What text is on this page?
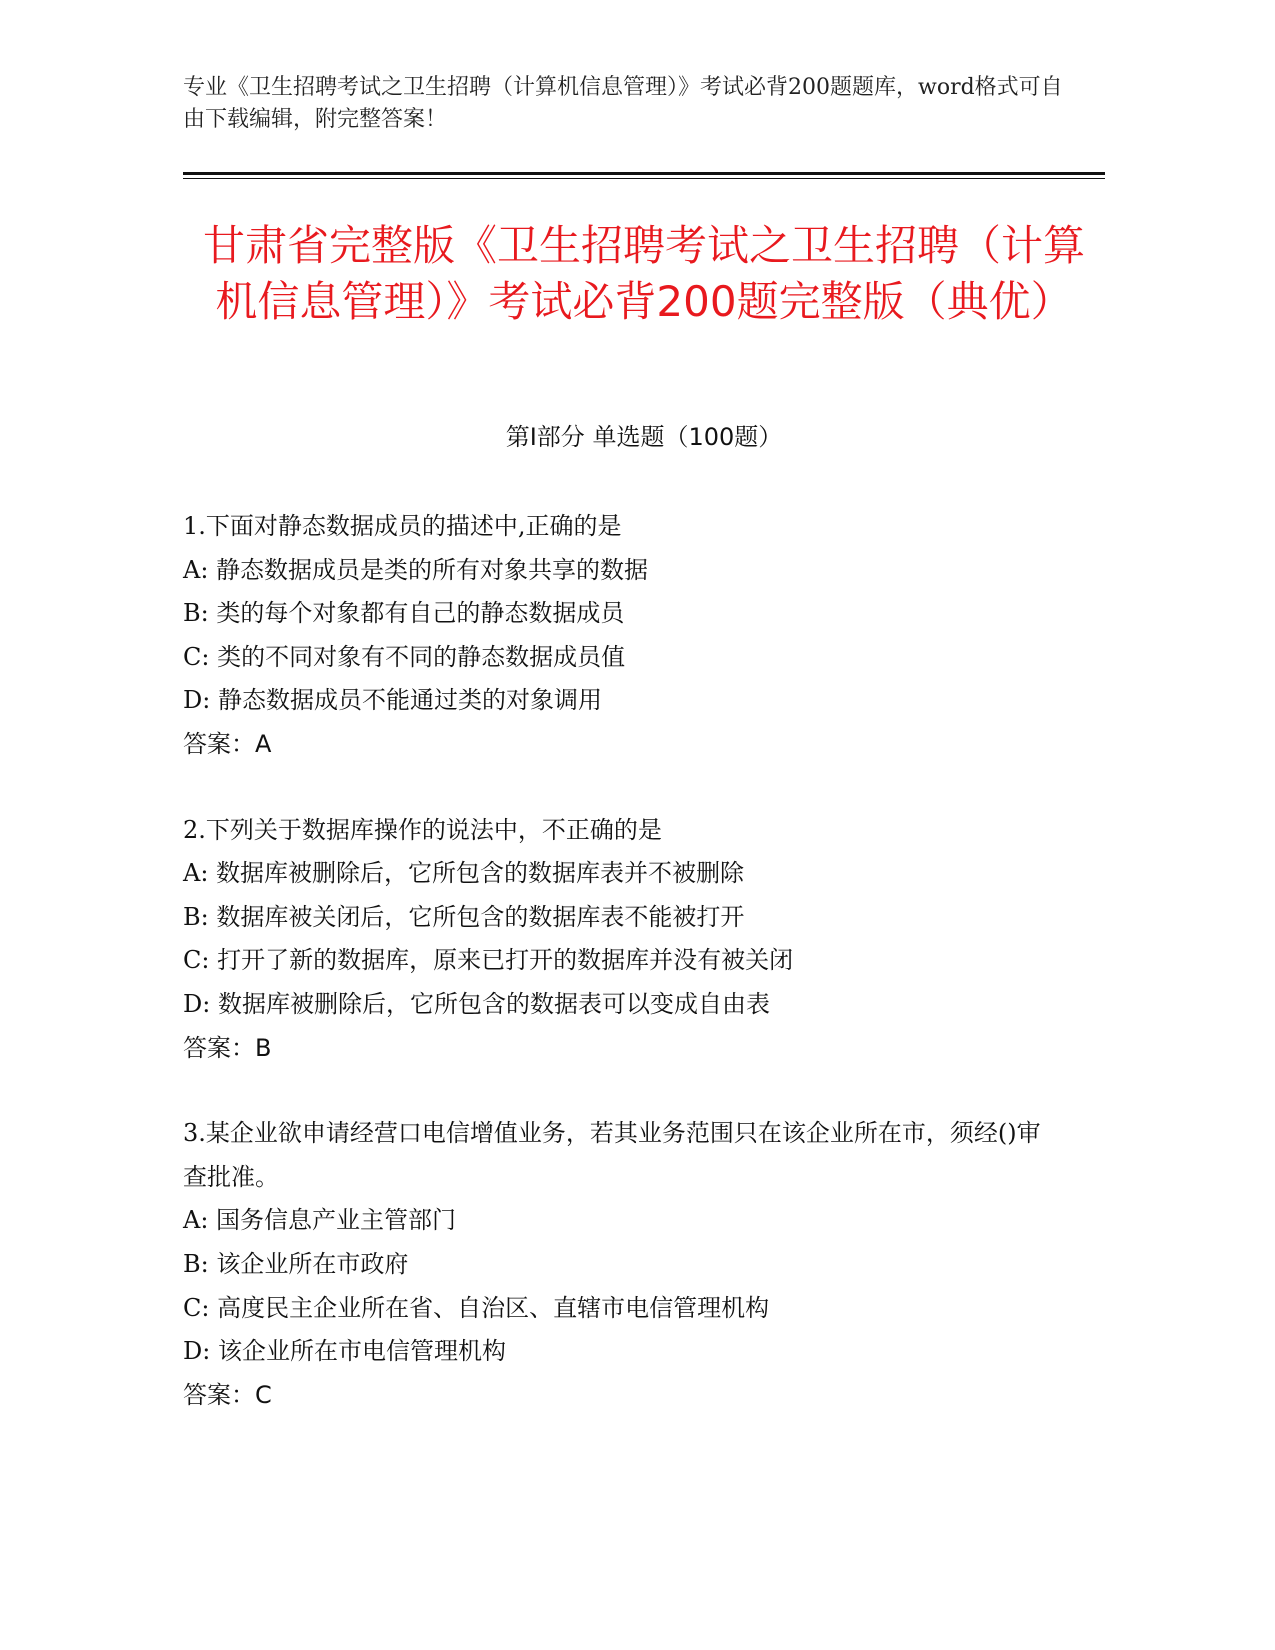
专业《卫生招聘考试之卫生招聘（计算机信息管理）》考试必背200题题库，word格式可自由下载编辑，附完整答案！
甘肃省完整版《卫生招聘考试之卫生招聘（计算机信息管理）》考试必背200题完整版（典优）
第Ⅰ部分 单选题（100题）

1.下面对静态数据成员的描述中,正确的是

A: 静态数据成员是类的所有对象共享的数据

B: 类的每个对象都有自己的静态数据成员

C: 类的不同对象有不同的静态数据成员值

D: 静态数据成员不能通过类的对象调用

答案：A

2.下列关于数据库操作的说法中，不正确的是

A: 数据库被删除后，它所包含的数据库表并不被删除

B: 数据库被关闭后，它所包含的数据库表不能被打开

C: 打开了新的数据库，原来已打开的数据库并没有被关闭

D: 数据库被删除后，它所包含的数据表可以变成自由表

答案：B

3.某企业欲申请经营口电信增值业务，若其业务范围只在该企业所在市，须经()审查批准。

A: 国务信息产业主管部门

B: 该企业所在市政府

C: 高度民主企业所在省、自治区、直辖市电信管理机构

D: 该企业所在市电信管理机构

答案：C
